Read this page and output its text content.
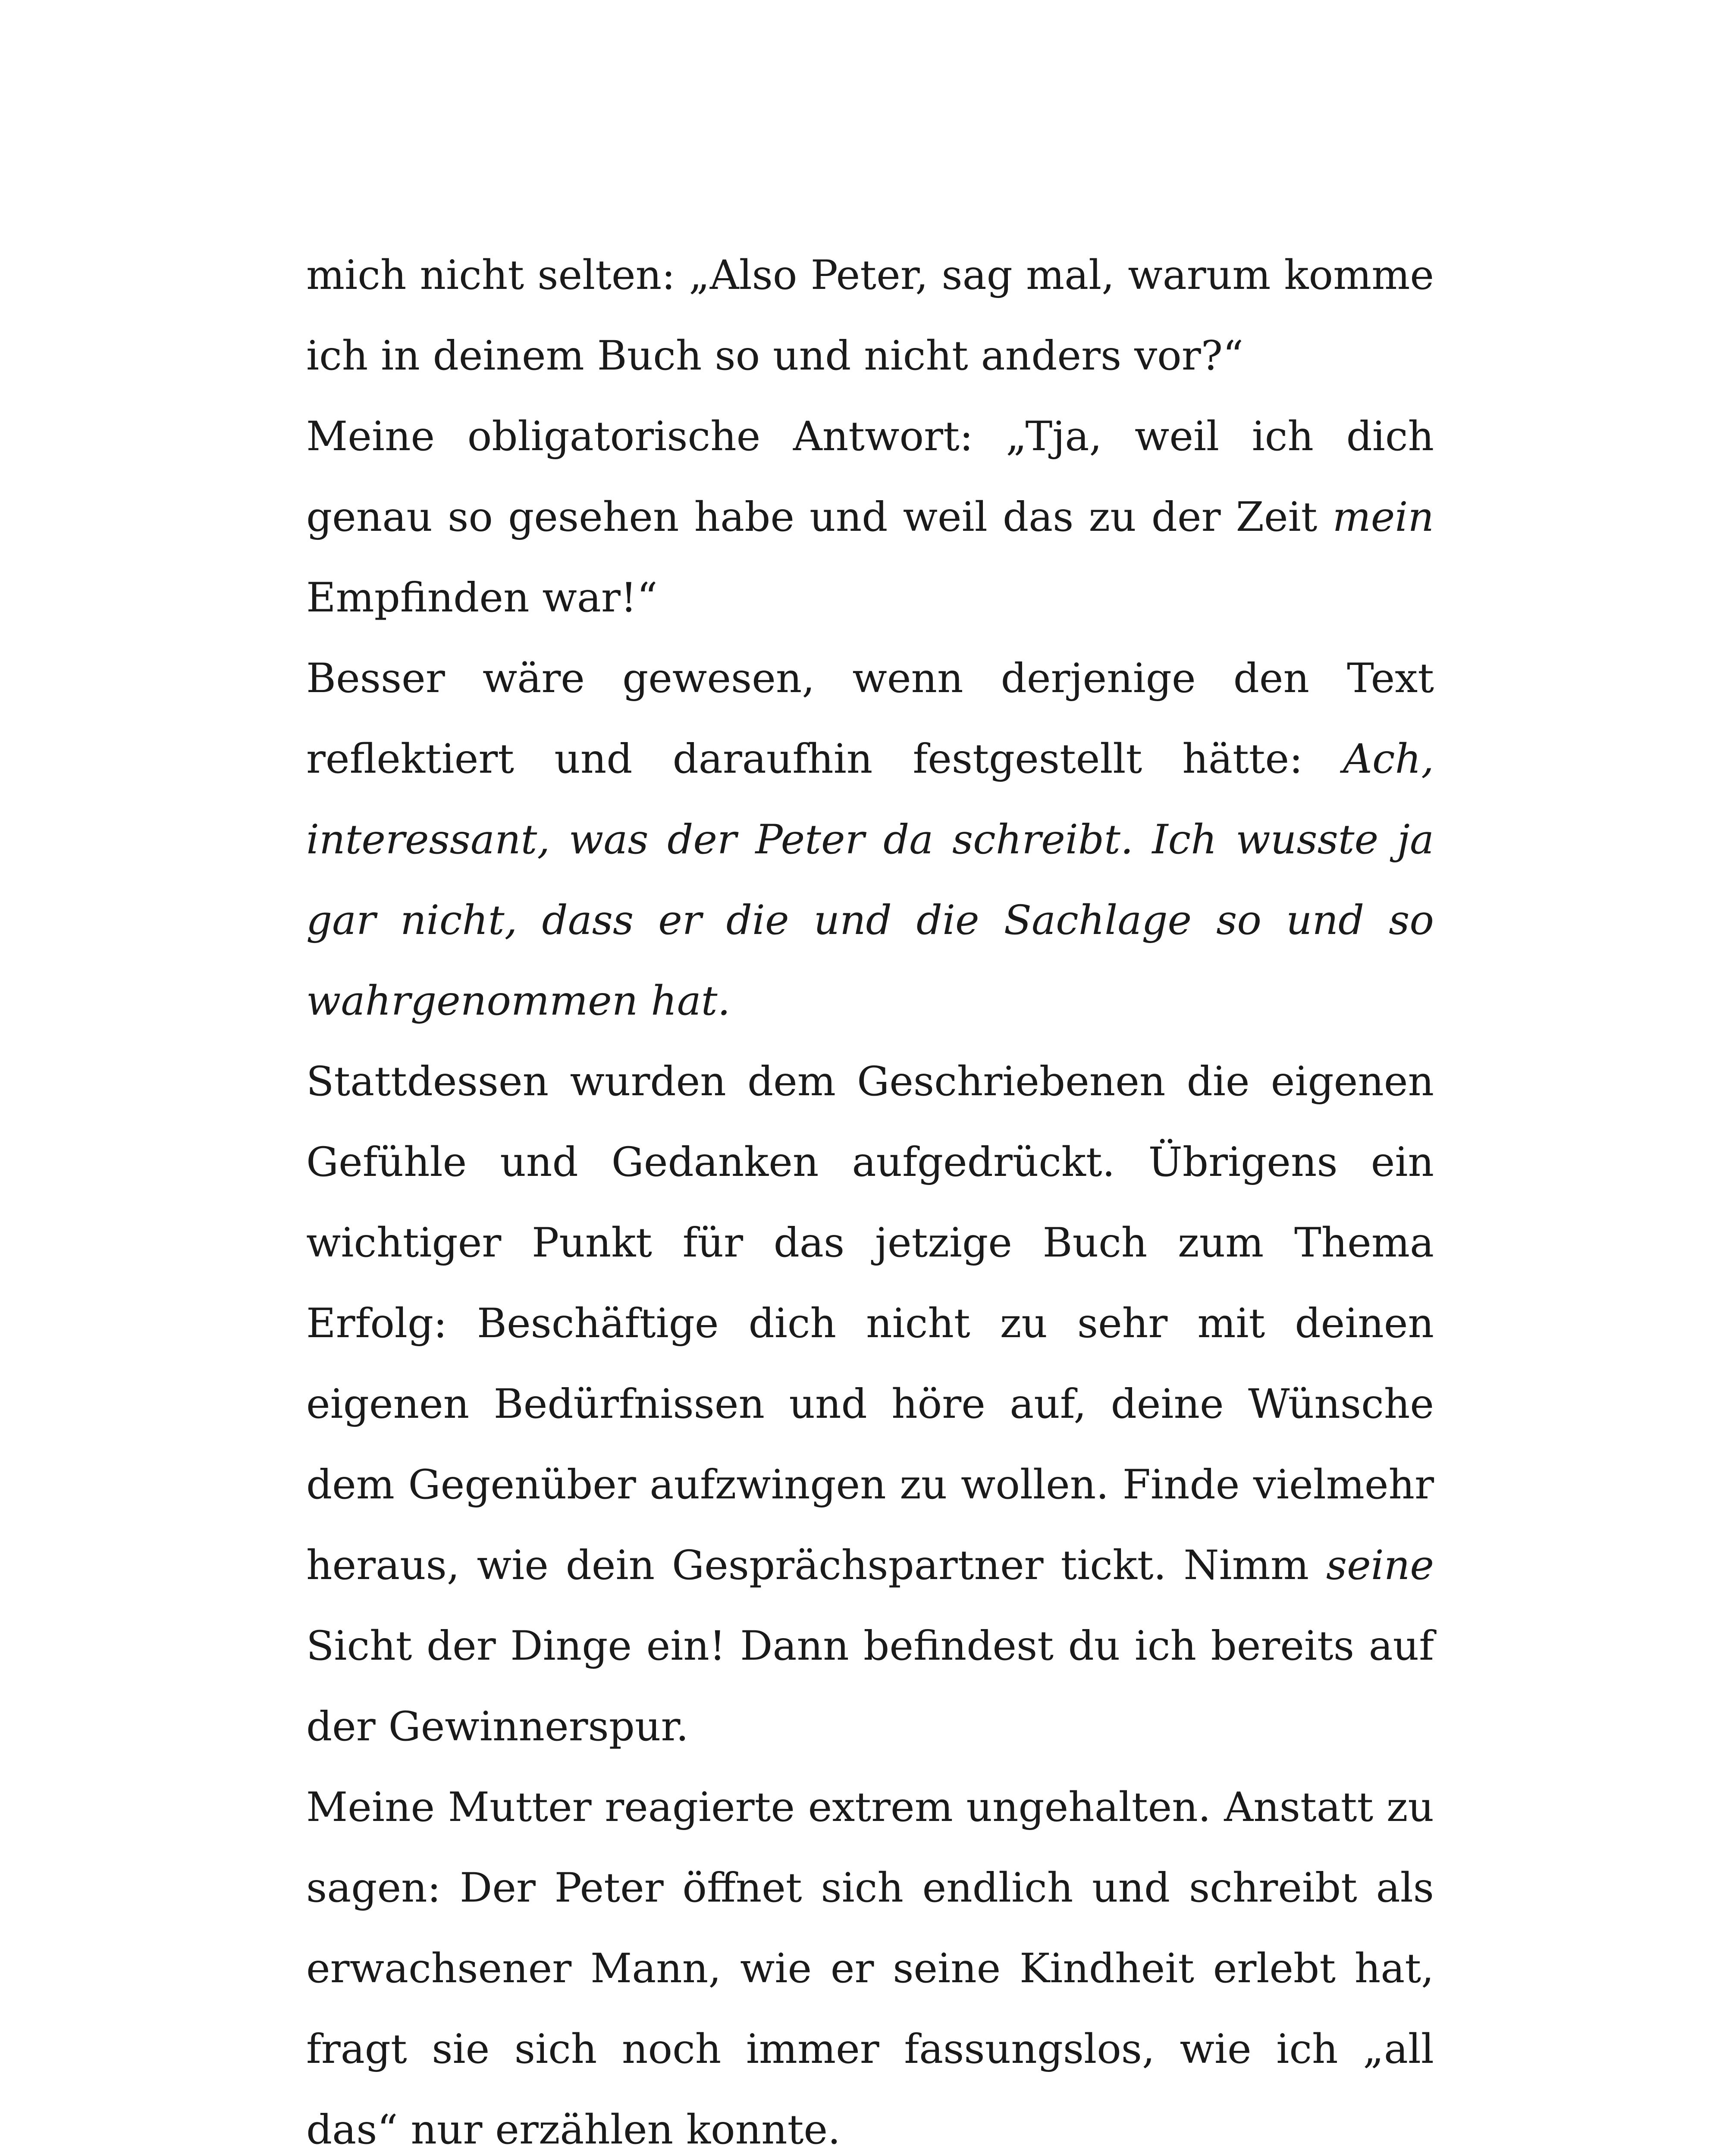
mich nicht selten: „Also Peter, sag mal, warum komme ich in deinem Buch so und nicht anders vor?“

Meine obligatorische Antwort: „Tja, weil ich dich genau so gesehen habe und weil das zu der Zeit mein Empfinden war!“

Besser wäre gewesen, wenn derjenige den Text reflektiert und daraufhin festgestellt hätte: Ach, interessant, was der Peter da schreibt. Ich wusste ja gar nicht, dass er die und die Sachlage so und so wahrgenommen hat.

Stattdessen wurden dem Geschriebenen die eigenen Gefühle und Gedanken aufgedrückt. Übrigens ein wichtiger Punkt für das jetzige Buch zum Thema Erfolg: Beschäftige dich nicht zu sehr mit deinen eigenen Bedürfnissen und höre auf, deine Wünsche dem Gegenüber aufzwingen zu wollen. Finde vielmehr heraus, wie dein Gesprächspartner tickt. Nimm seine Sicht der Dinge ein! Dann befindest du ich bereits auf der Gewinnerspur.

Meine Mutter reagierte extrem ungehalten. Anstatt zu sagen: Der Peter öffnet sich endlich und schreibt als erwachsener Mann, wie er seine Kindheit erlebt hat, fragt sie sich noch immer fassungslos, wie ich „all das“ nur erzählen konnte.
